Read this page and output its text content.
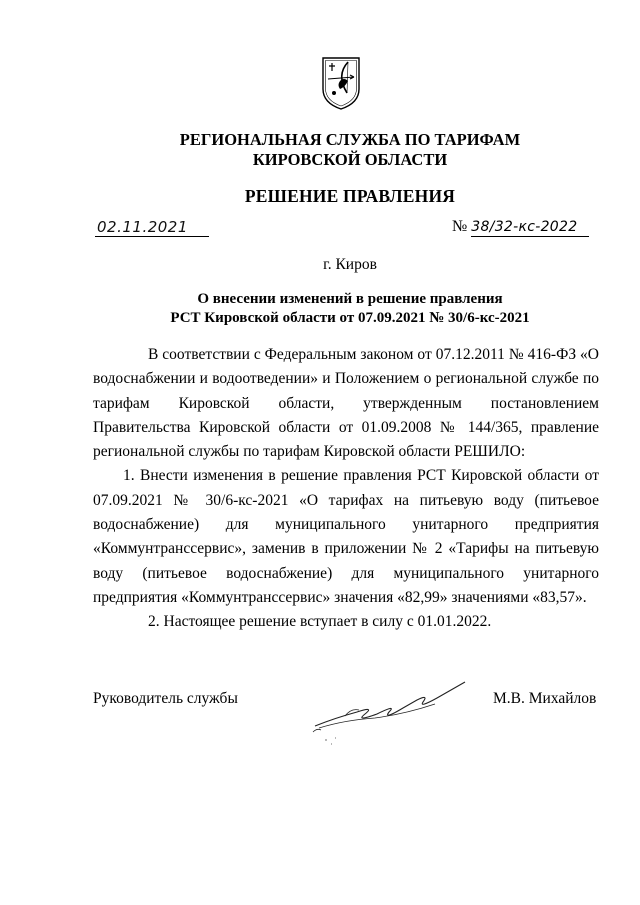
РЕГИОНАЛЬНАЯ СЛУЖБА ПО ТАРИФАМ
КИРОВСКОЙ ОБЛАСТИ
РЕШЕНИЕ ПРАВЛЕНИЯ
02.11.2021	№ 38/32-кс-2022
г. Киров
О внесении изменений в решение правления
РСТ Кировской области от 07.09.2021 № 30/6-кс-2021

В соответствии с Федеральным законом от 07.12.2011 № 416-ФЗ «О водоснабжении и водоотведении» и Положением о региональной службе по тарифам Кировской области, утвержденным постановлением Правительства Кировской области от 01.09.2008 № 144/365, правление региональной службы по тарифам Кировской области РЕШИЛО:

1. Внести изменения в решение правления РСТ Кировской области от 07.09.2021 № 30/6-кс-2021 «О тарифах на питьевую воду (питьевое водоснабжение) для муниципального унитарного предприятия «Коммунтранссервис», заменив в приложении № 2 «Тарифы на питьевую воду (питьевое водоснабжение) для муниципального унитарного предприятия «Коммунтранссервис» значения «82,99» значениями «83,57».

2. Настоящее решение вступает в силу с 01.01.2022.

Руководитель службы	М.В. Михайлов
